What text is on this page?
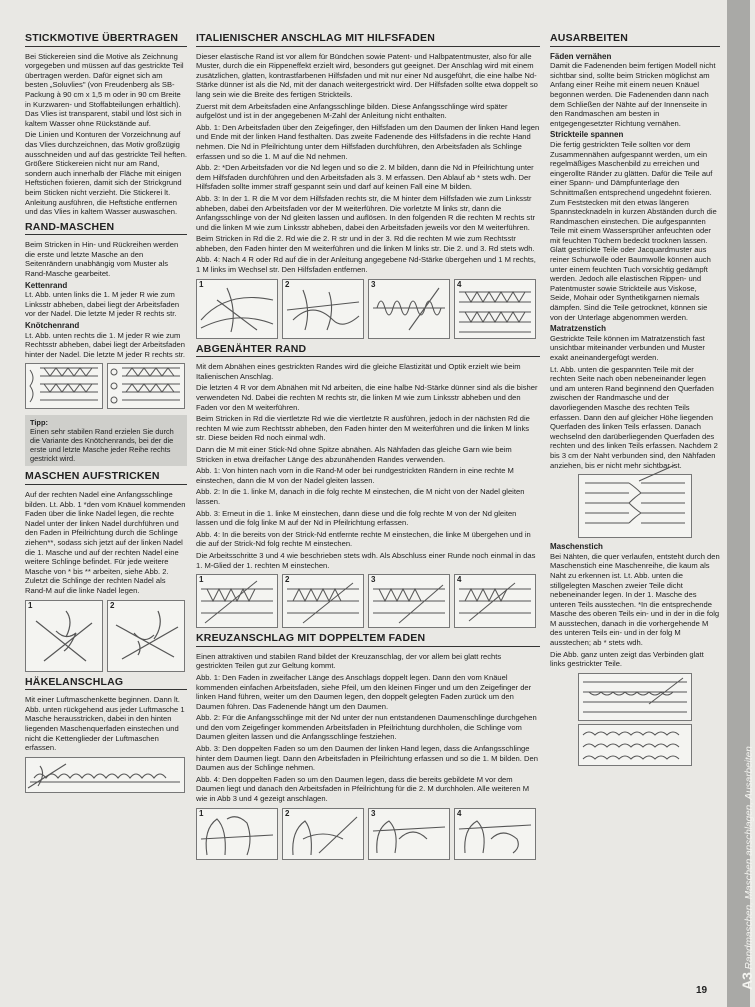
STICKMOTIVE ÜBERTRAGEN

Bei Stickereien sind die Motive als Zeichnung vorgegeben und müssen auf das gestrickte Teil übertragen werden. Dafür eignet sich am besten „Soluvlies" (von Freudenberg als SB-Packung à 90 cm x 1,5 m oder in 90 cm Breite in Kurzwaren- und Stoffabteilungen erhältlich). Das Vlies ist transparent, stabil und löst sich in kaltem Wasser ohne Rückstände auf.

Die Linien und Konturen der Vorzeichnung auf das Vlies durchzeichnen, das Motiv großzügig ausschneiden und auf das gestrickte Teil heften. Größere Stickereien nicht nur am Rand, sondern auch innerhalb der Fläche mit einigen Heftstichen fixieren, damit sich der Strickgrund beim Sticken nicht verzieht. Die Stickerei lt. Anleitung ausführen, die Heftstiche entfernen und das Vlies in kaltem Wasser auswaschen.

RAND-MASCHEN

Beim Stricken in Hin- und Rückreihen werden die erste und letzte Masche an den Seitenrändern unabhängig vom Muster als Rand-Masche gearbeitet.

Kettenrand

Lt. Abb. unten links die 1. M jeder R wie zum Linksstr abheben, dabei liegt der Arbeitsfaden vor der Nadel. Die letzte M jeder R rechts str.

Knötchenrand

Lt. Abb. unten rechts die 1. M jeder R wie zum Rechtsstr abheben, dabei liegt der Arbeitsfaden hinter der Nadel. Die letzte M jeder R rechts str.

Tipp:
Einen sehr stabilen Rand erzielen Sie durch die Variante des Knötchenrands, bei der die erste und letzte Masche jeder Reihe rechts gestrickt wird.
MASCHEN AUFSTRICKEN

Auf der rechten Nadel eine Anfangsschlinge bilden. Lt. Abb. 1 *den vom Knäuel kommenden Faden über die linke Nadel legen, die rechte Nadel unter der linken Nadel durchführen und den Faden in Pfeilrichtung durch die Schlinge ziehen**, sodass sich jetzt auf der linken Nadel die 1. Masche und auf der rechten Nadel eine weitere Schlinge befindet. Für jede weitere Masche von * bis ** arbeiten, siehe Abb. 2. Zuletzt die Schlinge der rechten Nadel als Rand-M auf die linke Nadel legen.

1	2
HÄKELANSCHLAG

Mit einer Luftmaschenkette beginnen. Dann lt. Abb. unten rückgehend aus jeder Luftmasche 1 Masche herausstricken, dabei in den hinten liegenden Maschenquerfaden einstechen und nicht die Kettenglieder der Luftmaschen erfassen.

ITALIENISCHER ANSCHLAG MIT HILFSFADEN

Dieser elastische Rand ist vor allem für Bündchen sowie Patent- und Halbpatentmuster, also für alle Muster, durch die ein Rippeneffekt erzielt wird, besonders gut geeignet. Der Anschlag wird mit einem zusätzlichen, glatten, kontrastfarbenen Hilfsfaden und mit nur einer Nd ausgeführt, die eine halbe Nd-Stärke dünner ist als die Nd, mit der danach weitergestrickt wird. Der Hilfsfaden sollte etwa doppelt so lang sein wie die Breite des fertigen Strickteils.

Zuerst mit dem Arbeitsfaden eine Anfangsschlinge bilden. Diese Anfangsschlinge wird später aufgelöst und ist in der angegebenen M-Zahl der Anleitung nicht enthalten.

Abb. 1: Den Arbeitsfaden über den Zeigefinger, den Hilfsfaden um den Daumen der linken Hand legen und Ende mit der linken Hand festhalten. Das zweite Fadenende des Hilfsfadens in die rechte Hand nehmen. Die Nd in Pfeilrichtung unter dem Hilfsfaden durchführen, den Arbeitsfaden als Schlinge erfassen und so die 1. M auf die Nd nehmen.

Abb. 2: *Den Arbeitsfaden vor die Nd legen und so die 2. M bilden, dann die Nd in Pfeilrichtung unter dem Hilfsfaden durchführen und den Arbeitsfaden als 3. M erfassen. Den Ablauf ab * stets wdh. Der Hilfsfaden sollte immer straff gespannt sein und darf auf keinen Fall eine M bilden.

Abb. 3: In der 1. R die M vor dem Hilfsfaden rechts str, die M hinter dem Hilfsfaden wie zum Linksstr abheben, dabei den Arbeitsfaden vor der M weiterführen. Die vorletzte M links str, dann die Anfangsschlinge von der Nd gleiten lassen und auflösen. In den folgenden R die rechten M rechts str und die linken M wie zum Linksstr abheben, dabei den Arbeitsfaden jeweils vor den M weiterführen.

Beim Stricken in Rd die 2. Rd wie die 2. R str und in der 3. Rd die rechten M wie zum Rechtsstr abheben, den Faden hinter den M weiterführen und die linken M links str. Die 2. und 3. Rd stets wdh.

Abb. 4: Nach 4 R oder Rd auf die in der Anleitung angegebene Nd-Stärke übergehen und 1 M rechts, 1 M links im Wechsel str. Den Hilfsfaden entfernen.

1	2	3	4
ABGENÄHTER RAND

Mit dem Abnähen eines gestrickten Randes wird die gleiche Elastizität und Optik erzielt wie beim Italienischen Anschlag.

Die letzten 4 R vor dem Abnähen mit Nd arbeiten, die eine halbe Nd-Stärke dünner sind als die bisher verwendeten Nd. Dabei die rechten M rechts str, die linken M wie zum Linksstr abheben und den Faden vor den M weiterführen.

Beim Stricken in Rd die viertletzte Rd wie die viertletzte R ausführen, jedoch in der nächsten Rd die rechten M wie zum Rechtsstr abheben, den Faden hinter den M weiterführen und die linken M links str. Diese beiden Rd noch einmal wdh.

Dann die M mit einer Stick-Nd ohne Spitze abnähen. Als Nähfaden das gleiche Garn wie beim Stricken in etwa dreifacher Länge des abzunähenden Randes verwenden.

Abb. 1: Von hinten nach vorn in die Rand-M oder bei rundgestrickten Rändern in eine rechte M einstechen, dann die M von der Nadel gleiten lassen.

Abb. 2: In die 1. linke M, danach in die folg rechte M einstechen, die M nicht von der Nadel gleiten lassen.

Abb. 3: Erneut in die 1. linke M einstechen, dann diese und die folg rechte M von der Nd gleiten lassen und die folg linke M auf der Nd in Pfeilrichtung erfassen.

Abb. 4: In die bereits von der Strick-Nd entfernte rechte M einstechen, die linke M übergehen und in die auf der Strick-Nd folg rechte M einstechen.

Die Arbeitsschritte 3 und 4 wie beschrieben stets wdh. Als Abschluss einer Runde noch einmal in das 1. M-Glied der 1. rechten M einstechen.

1	2	3	4
KREUZANSCHLAG MIT DOPPELTEM FADEN

Einen attraktiven und stabilen Rand bildet der Kreuzanschlag, der vor allem bei glatt rechts gestrickten Teilen gut zur Geltung kommt.

Abb. 1: Den Faden in zweifacher Länge des Anschlags doppelt legen. Dann den vom Knäuel kommenden einfachen Arbeitsfaden, siehe Pfeil, um den kleinen Finger und um den Zeigefinger der linken Hand führen, weiter um den Daumen legen, den doppelt gelegten Faden zurück um den Daumen führen. Das Fadenende hängt um den Daumen.

Abb. 2: Für die Anfangsschlinge mit der Nd unter der nun entstandenen Daumenschlinge durchgehen und den vom Zeigefinger kommenden Arbeitsfaden in Pfeilrichtung durchholen, die Schlinge vom Daumen gleiten lassen und die Anfangsschlinge festziehen.

Abb. 3: Den doppelten Faden so um den Daumen der linken Hand legen, dass die Anfangsschlinge hinter dem Daumen liegt. Dann den Arbeitsfaden in Pfeilrichtung erfassen und so die 1. M bilden. Den Daumen aus der Schlinge nehmen.

Abb. 4: Den doppelten Faden so um den Daumen legen, dass die bereits gebildete M vor dem Daumen liegt und danach den Arbeitsfaden in Pfeilrichtung für die 2. M durchholen. Alle weiteren M wie in Abb 3 und 4 gezeigt anschlagen.

1	2	3	4
AUSARBEITEN
Fäden vernähen

Damit die Fadenenden beim fertigen Modell nicht sichtbar sind, sollte beim Stricken möglichst am Anfang einer Reihe mit einem neuen Knäuel begonnen werden. Die Fadenenden dann nach dem Schließen der Nähte auf der Innenseite in den Randmaschen am besten in entgegengesetzter Richtung vernähen.

Strickteile spannen

Die fertig gestrickten Teile sollten vor dem Zusammennähen aufgespannt werden, um ein regelmäßiges Maschenbild zu erreichen und eingerollte Ränder zu glätten. Dafür die Teile auf einer Spann- und Dämpfunterlage den Schnittmaßen entsprechend ungedehnt fixieren. Zum Feststecken mit den etwas längeren Spannstecknadeln in kurzen Abständen durch die Randmaschen einstechen. Die aufgespannten Teile mit einem Wassersprüher anfeuchten oder mit feuchten Tüchern bedeckt trocknen lassen. Glatt gestrickte Teile oder Jacquardmuster aus reiner Schurwolle oder Baumwolle können auch unter einem feuchten Tuch vorsichtig gedämpft werden. Jedoch alle elastischen Rippen- und Patentmuster sowie Strickteile aus Viskose, Seide, Mohair oder Synthetikgarnen niemals dämpfen. Sind die Teile getrocknet, können sie von der Unterlage abgenommen werden.

Matratzenstich

Gestrickte Teile können im Matratzenstich fast unsichtbar miteinander verbunden und Muster exakt aneinandergefügt werden.

Lt. Abb. unten die gespannten Teile mit der rechten Seite nach oben nebeneinander legen und am unteren Rand beginnend den Querfaden zwischen der Randmasche und der davorliegenden Masche des rechten Teils erfassen. Dann den auf gleicher Höhe liegenden Querfaden des linken Teils erfassen. Danach wechselnd den darüberliegenden Querfaden des rechten und des linken Teils erfassen. Nachdem 2 bis 3 cm der Naht verbunden sind, den Nähfaden anziehen, bis er nicht mehr sichtbar ist.

Maschenstich

Bei Nähten, die quer verlaufen, entsteht durch den Maschenstich eine Maschenreihe, die kaum als Naht zu erkennen ist. Lt. Abb. unten die stillgelegten Maschen zweier Teile dicht nebeneinander legen. In der 1. Masche des unteren Teils ausstechen. *In die entsprechende Masche des oberen Teils ein- und in der in die folg M ausstechen, danach in die vorhergehende M des unteren Teils ein- und in der folg M ausstechen; ab * stets wdh.

Die Abb. ganz unten zeigt das Verbinden glatt links gestrickter Teile.

A3 Randmaschen, Maschen anschlagen, Ausarbeiten
19
